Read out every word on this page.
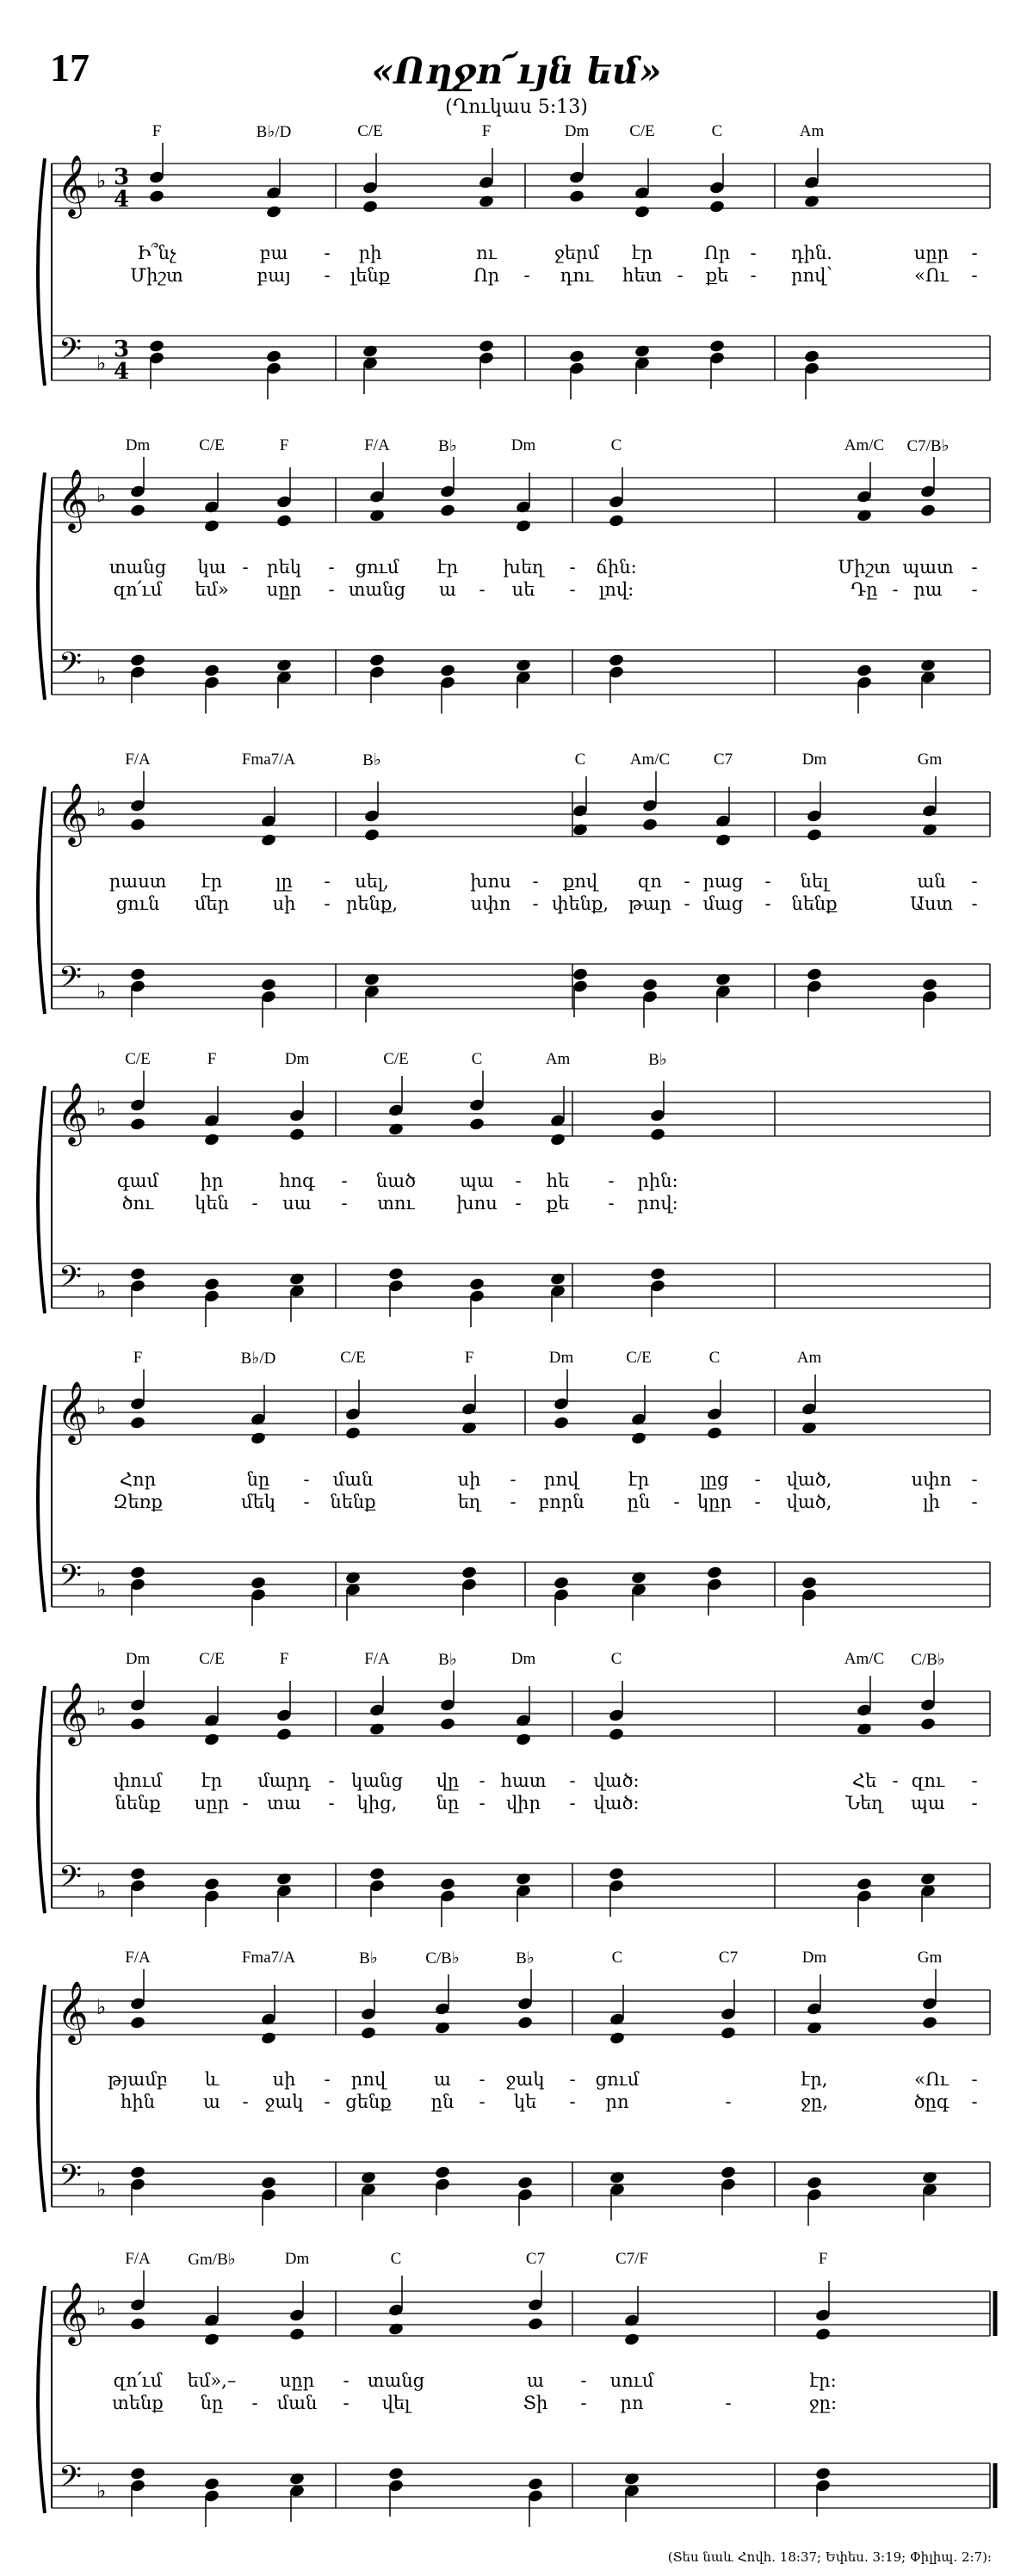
17	«Ողջո՜ւյն եմ»
(Ղուկաս 5:13)
𝄞
𝄢
♭
♭
3
4
3
4
F	B♭/D	C/E	F	Dm C/E	C	Am
Ի՞նչ	բա - րի	ու	ջերմ էր	Որ - դին.	սըր -
Միշտ	բայ - լենք	Որ - դու հետ - քե - րով՝	«Ու -
𝄞
𝄢
♭
♭
Dm	C/E	F	F/A	B♭	Dm	C	Am/C C7/B♭
տանց կա - րեկ - ցում էր խեղ - ճին:	Միշտ պատ -
զո՛ւմ եմ» սըր - տանց ա - սե - լով:	Դը - րա -
𝄞
𝄢
♭
♭
F/A	Fma7/A	B♭	C	Am/C	C7	Dm	Gm
րաստ էր	լը - սել,	խոս - քով զո - րաց - նել	ան -
ցուն մեր սի - րենք,	սփո - փենք, թար - մաց - նենք	Աստ -
𝄞
𝄢
♭
♭
C/E	F	Dm	C/E	C	Am	B♭
գամ իր	հոգ - նած պա - հե - րին:
ծու կեն - սա - տու խոս - քե - րով:
𝄞
𝄢
♭
♭
F	B♭/D	C/E	F	Dm	C/E	C	Am
Հոր	նը - ման	սի - րով	էր	լըց - ված,	սփո -
Զեռք	մեկ - նենք	եղ - բորն ըն - կըր - ված,	լի -
𝄞
𝄢
♭
♭
Dm	C/E	F	F/A	B♭	Dm	C	Am/C C/B♭
փում էր մարդ - կանց վը - հատ - ված:	Հե - զու -
նենք սըր - տա - կից, նը - վիր - ված:	Նեղ պա -
𝄞
𝄢
♭
♭
F/A	Fma7/A	B♭	C/B♭	B♭	C	C7	Dm	Gm
թյամբ և	սի - րով	ա - ջակ - ցում	էր,	«Ու -
հին	ա - ջակ - ցենք ըն - կե - րո	-	ջը,	ծըգ -
𝄞
𝄢
♭
♭
F/A Gm/B♭	Dm	C	C7	C7/F	F
զո՛ւմ եմ»,– սըր - տանց	ա - սում	էր:
տենք նը - ման - վել	Տի - րո	-	ջը:
(Տես նաև Հովհ. 18:37; Եփես. 3:19; Փիլիպ. 2:7):
